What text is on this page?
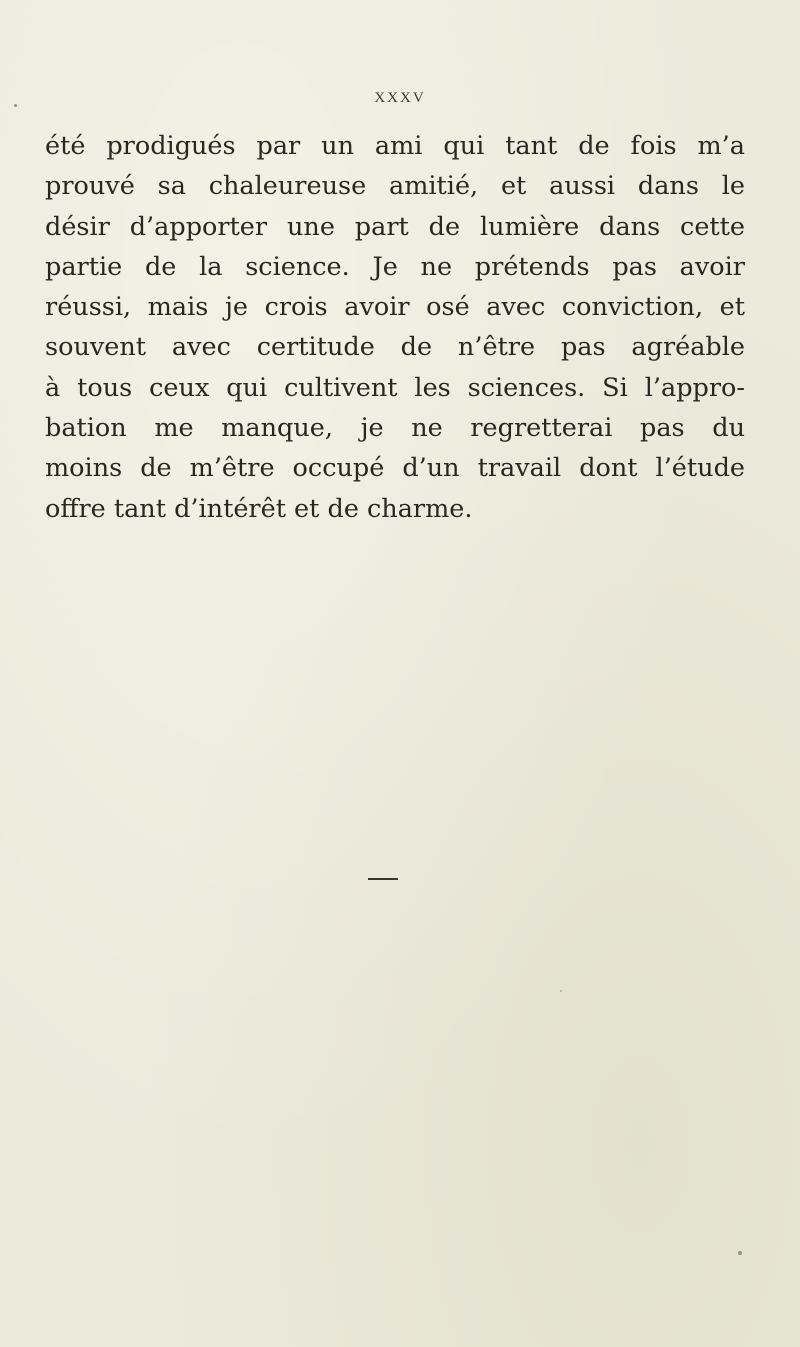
XXXV
été prodigués par un ami qui tant de fois m’a
prouvé sa chaleureuse amitié, et aussi dans le
désir d’apporter une part de lumière dans cette
partie de la science. Je ne prétends pas avoir
réussi, mais je crois avoir osé avec conviction, et
souvent avec certitude de n’être pas agréable
à tous ceux qui cultivent les sciences. Si l’appro-
bation me manque, je ne regretterai pas du
moins de m’être occupé d’un travail dont l’étude
offre tant d’intérêt et de charme.
